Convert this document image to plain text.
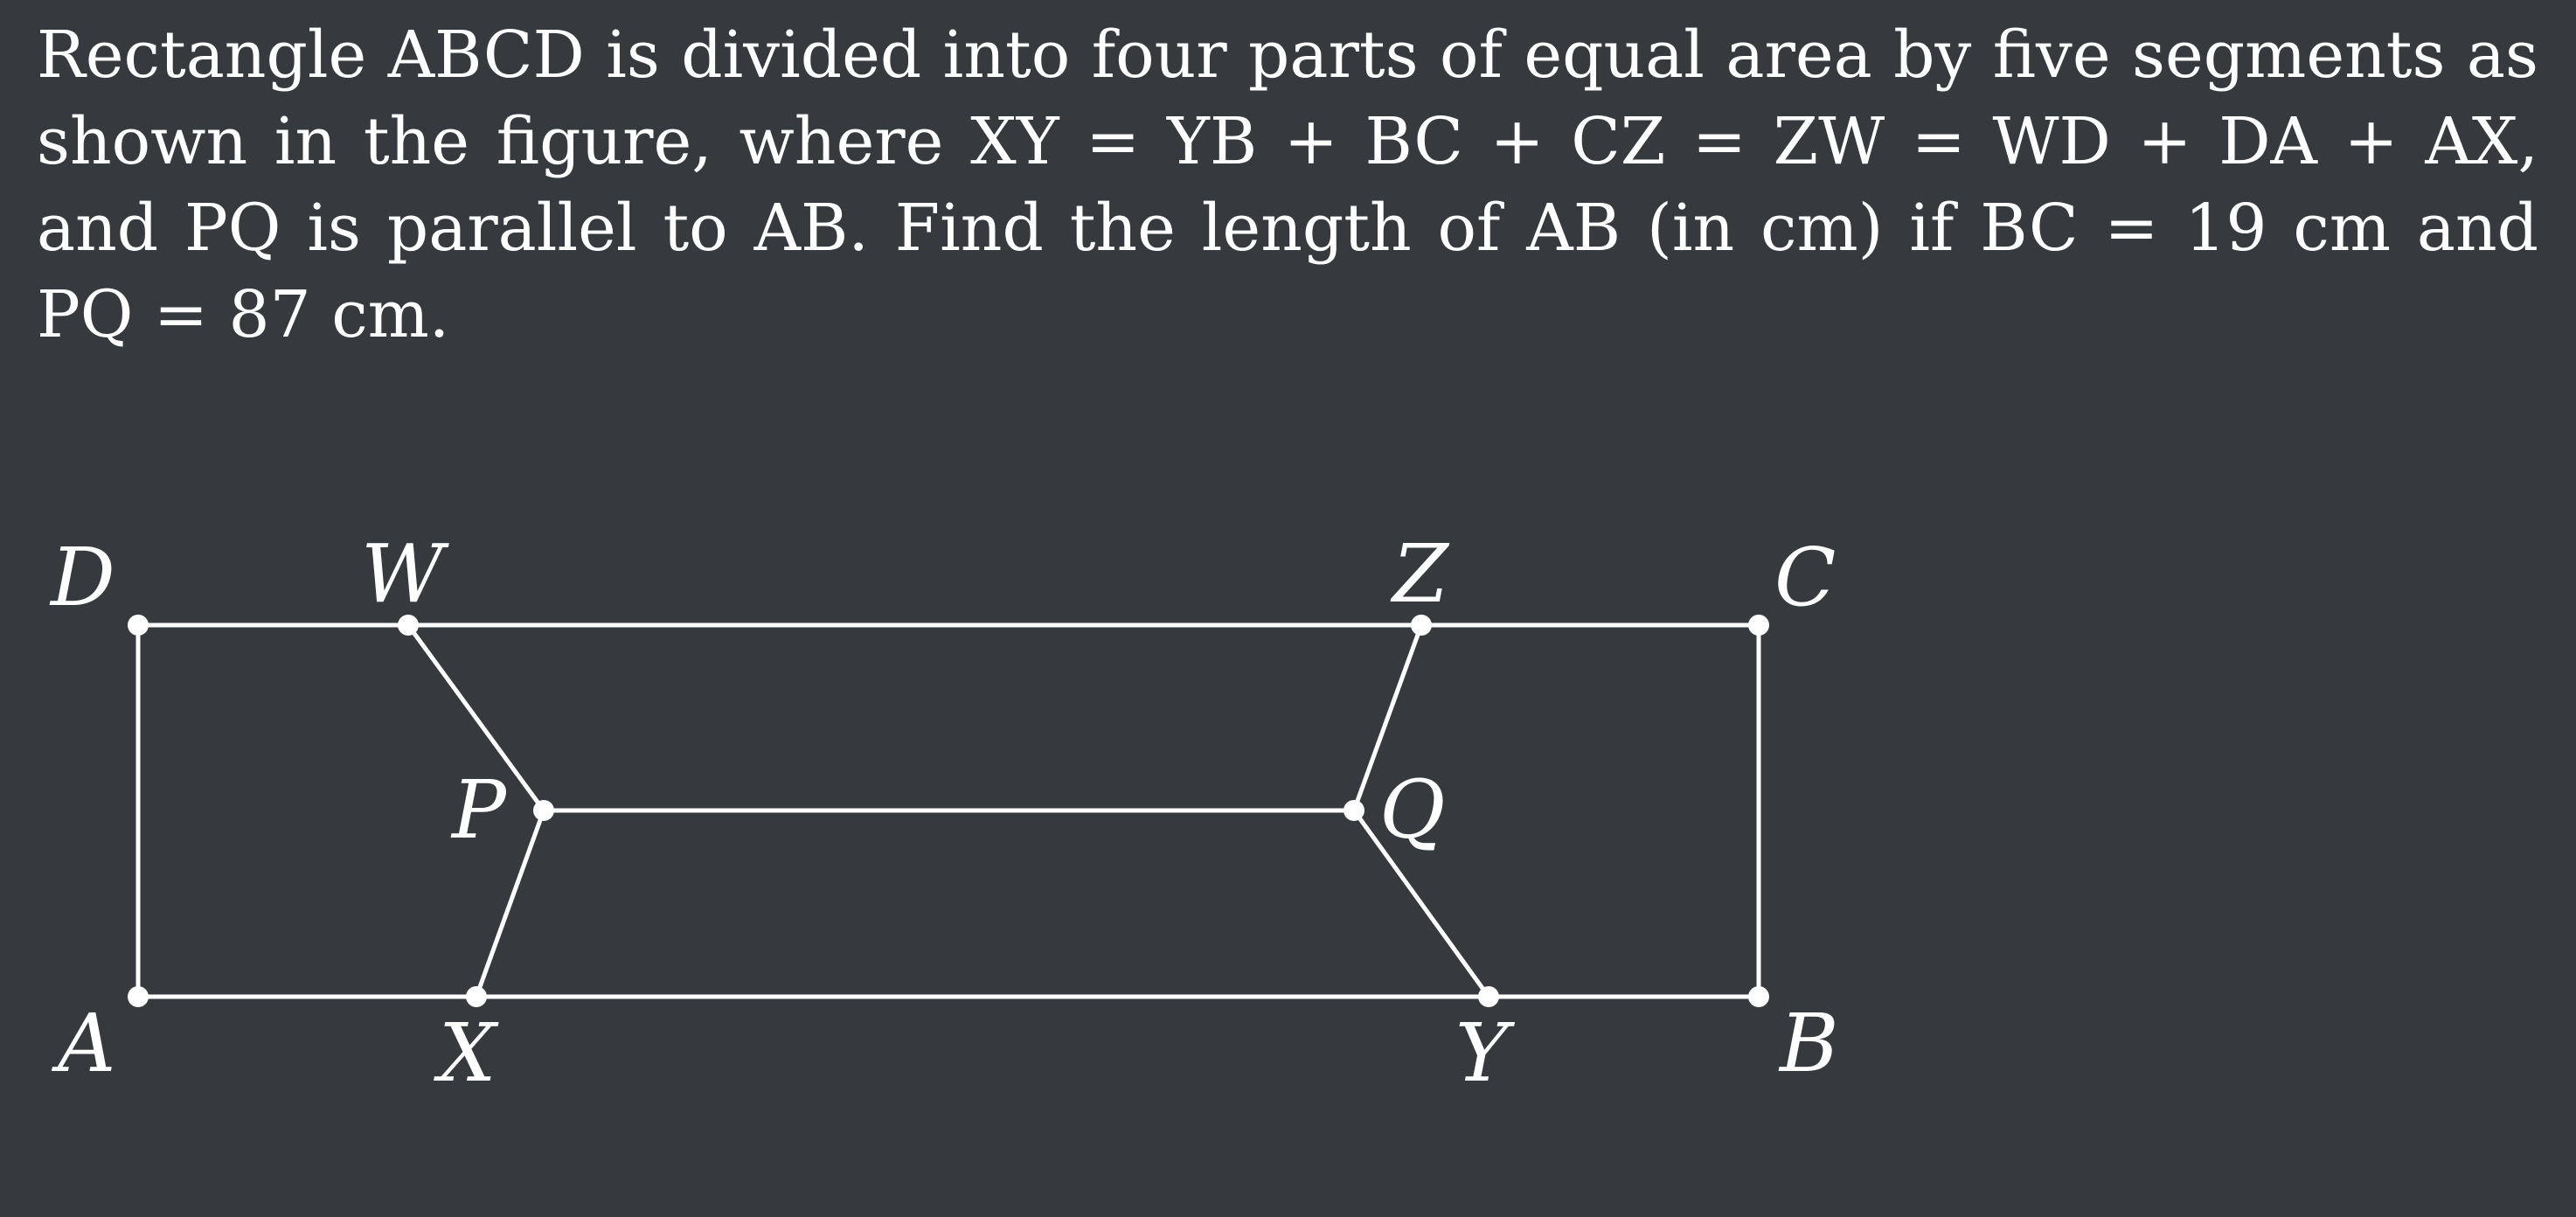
Rectangle ABCD is divided into four parts of equal area by five segments as shown in the figure, where XY = YB + BC + CZ = ZW = WD + DA + AX, and PQ is parallel to AB. Find the length of AB (in cm) if BC = 19 cm and PQ = 87 cm.

D	W	Z	C
P	Q
A	X	Y	B
